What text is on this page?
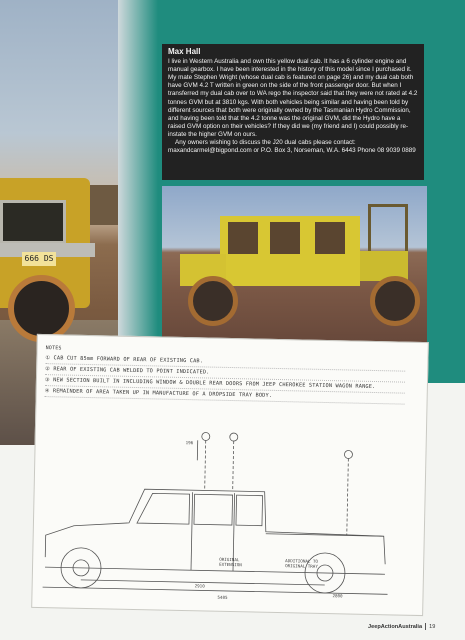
666 DS
Max Hall

I live in Western Australia and own this yellow dual cab. It has a 6 cylinder engine and manual gearbox. I have been interested in the history of this model since I purchased it. My mate Stephen Wright (whose dual cab is featured on page 26) and my dual cab both have GVM 4.2 T written in green on the side of the front passenger door. But when I transferred my dual cab over to WA rego the inspector said that they were not rated at 4.2 tonnes GVM but at 3810 kgs. With both vehicles being similar and having been told by different sources that both were originally owned by the Tasmanian Hydro Commission, and having been told that the 4.2 tonne was the original GVM, did the Hydro have a raised GVM option on their vehicles? If they did we (my friend and I) could possibly re-instate the higher GVM on ours.

Any owners wishing to discuss the J20 dual cabs please contact: maxandcarmel@bigpond.com or P.O. Box 3, Norseman, W.A. 6443 Phone 08 9039 0889

NOTES
① CAB CUT 85mm FORWARD OF REAR OF EXISTING CAB.
② REAR OF EXISTING CAB WELDED TO POINT INDICATED.
③ NEW SECTION BUILT IN INCLUDING WINDOW & DOUBLE REAR DOORS FROM JEEP CHEROKEE STATION WAGON RANGE.
④ REMAINDER OF AREA TAKEN UP IN MANUFACTURE OF A DROPSIDE TRAY BODY.
196
2910
5405	2800
ORIGINAL EXTENSION
ADDITIONAL TO ORIGINAL TRAY
JeepActionAustralia 19
